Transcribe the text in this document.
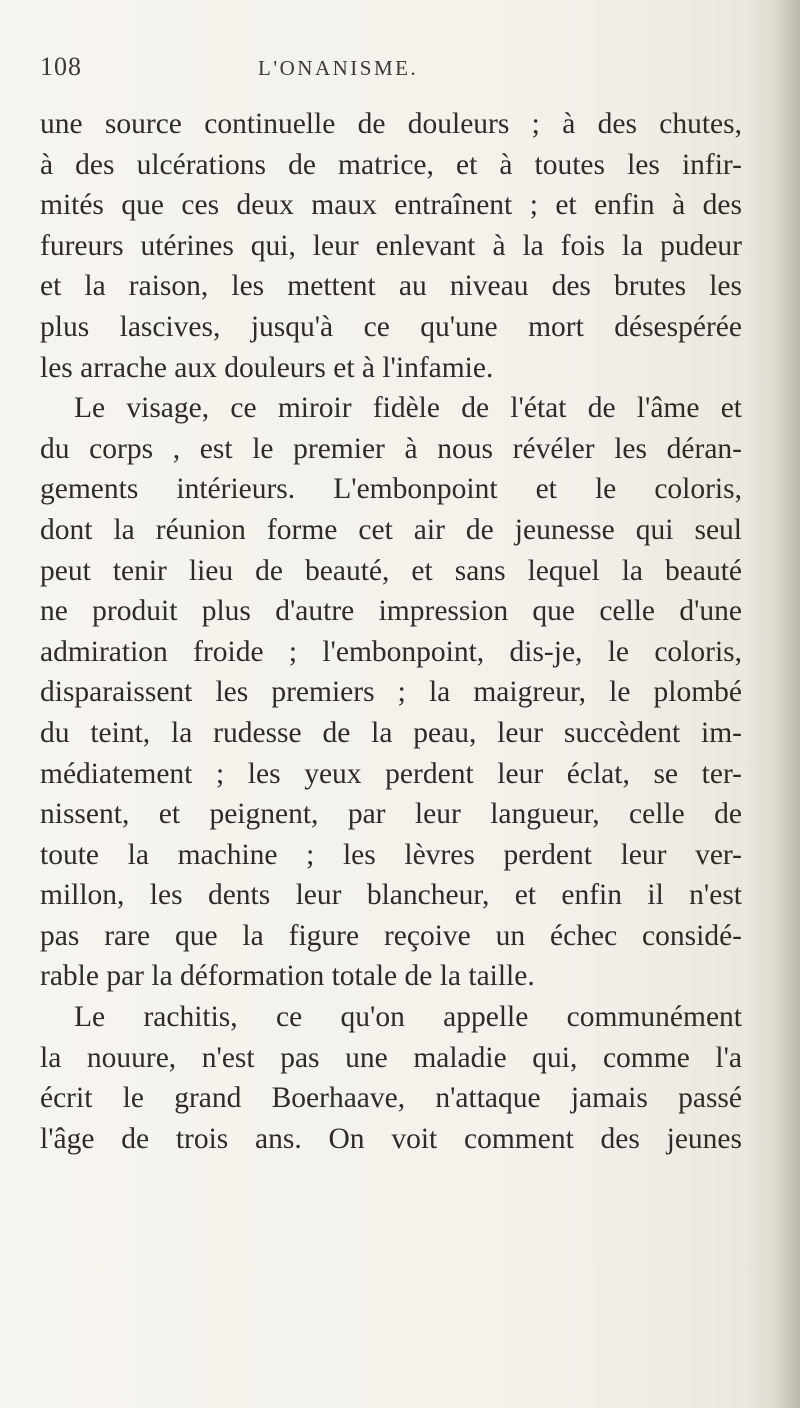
108	L'ONANISME.
une source continuelle de douleurs ; à des chutes,
à des ulcérations de matrice, et à toutes les infir-
mités que ces deux maux entraînent ; et enfin à des
fureurs utérines qui, leur enlevant à la fois la pudeur
et la raison, les mettent au niveau des brutes les
plus lascives, jusqu'à ce qu'une mort désespérée
les arrache aux douleurs et à l'infamie.
Le visage, ce miroir fidèle de l'état de l'âme et
du corps , est le premier à nous révéler les déran-
gements intérieurs. L'embonpoint et le coloris,
dont la réunion forme cet air de jeunesse qui seul
peut tenir lieu de beauté, et sans lequel la beauté
ne produit plus d'autre impression que celle d'une
admiration froide ; l'embonpoint, dis-je, le coloris,
disparaissent les premiers ; la maigreur, le plombé
du teint, la rudesse de la peau, leur succèdent im-
médiatement ; les yeux perdent leur éclat, se ter-
nissent, et peignent, par leur langueur, celle de
toute la machine ; les lèvres perdent leur ver-
millon, les dents leur blancheur, et enfin il n'est
pas rare que la figure reçoive un échec considé-
rable par la déformation totale de la taille.
Le rachitis, ce qu'on appelle communément
la nouure, n'est pas une maladie qui, comme l'a
écrit le grand Boerhaave, n'attaque jamais passé
l'âge de trois ans. On voit comment des jeunes
